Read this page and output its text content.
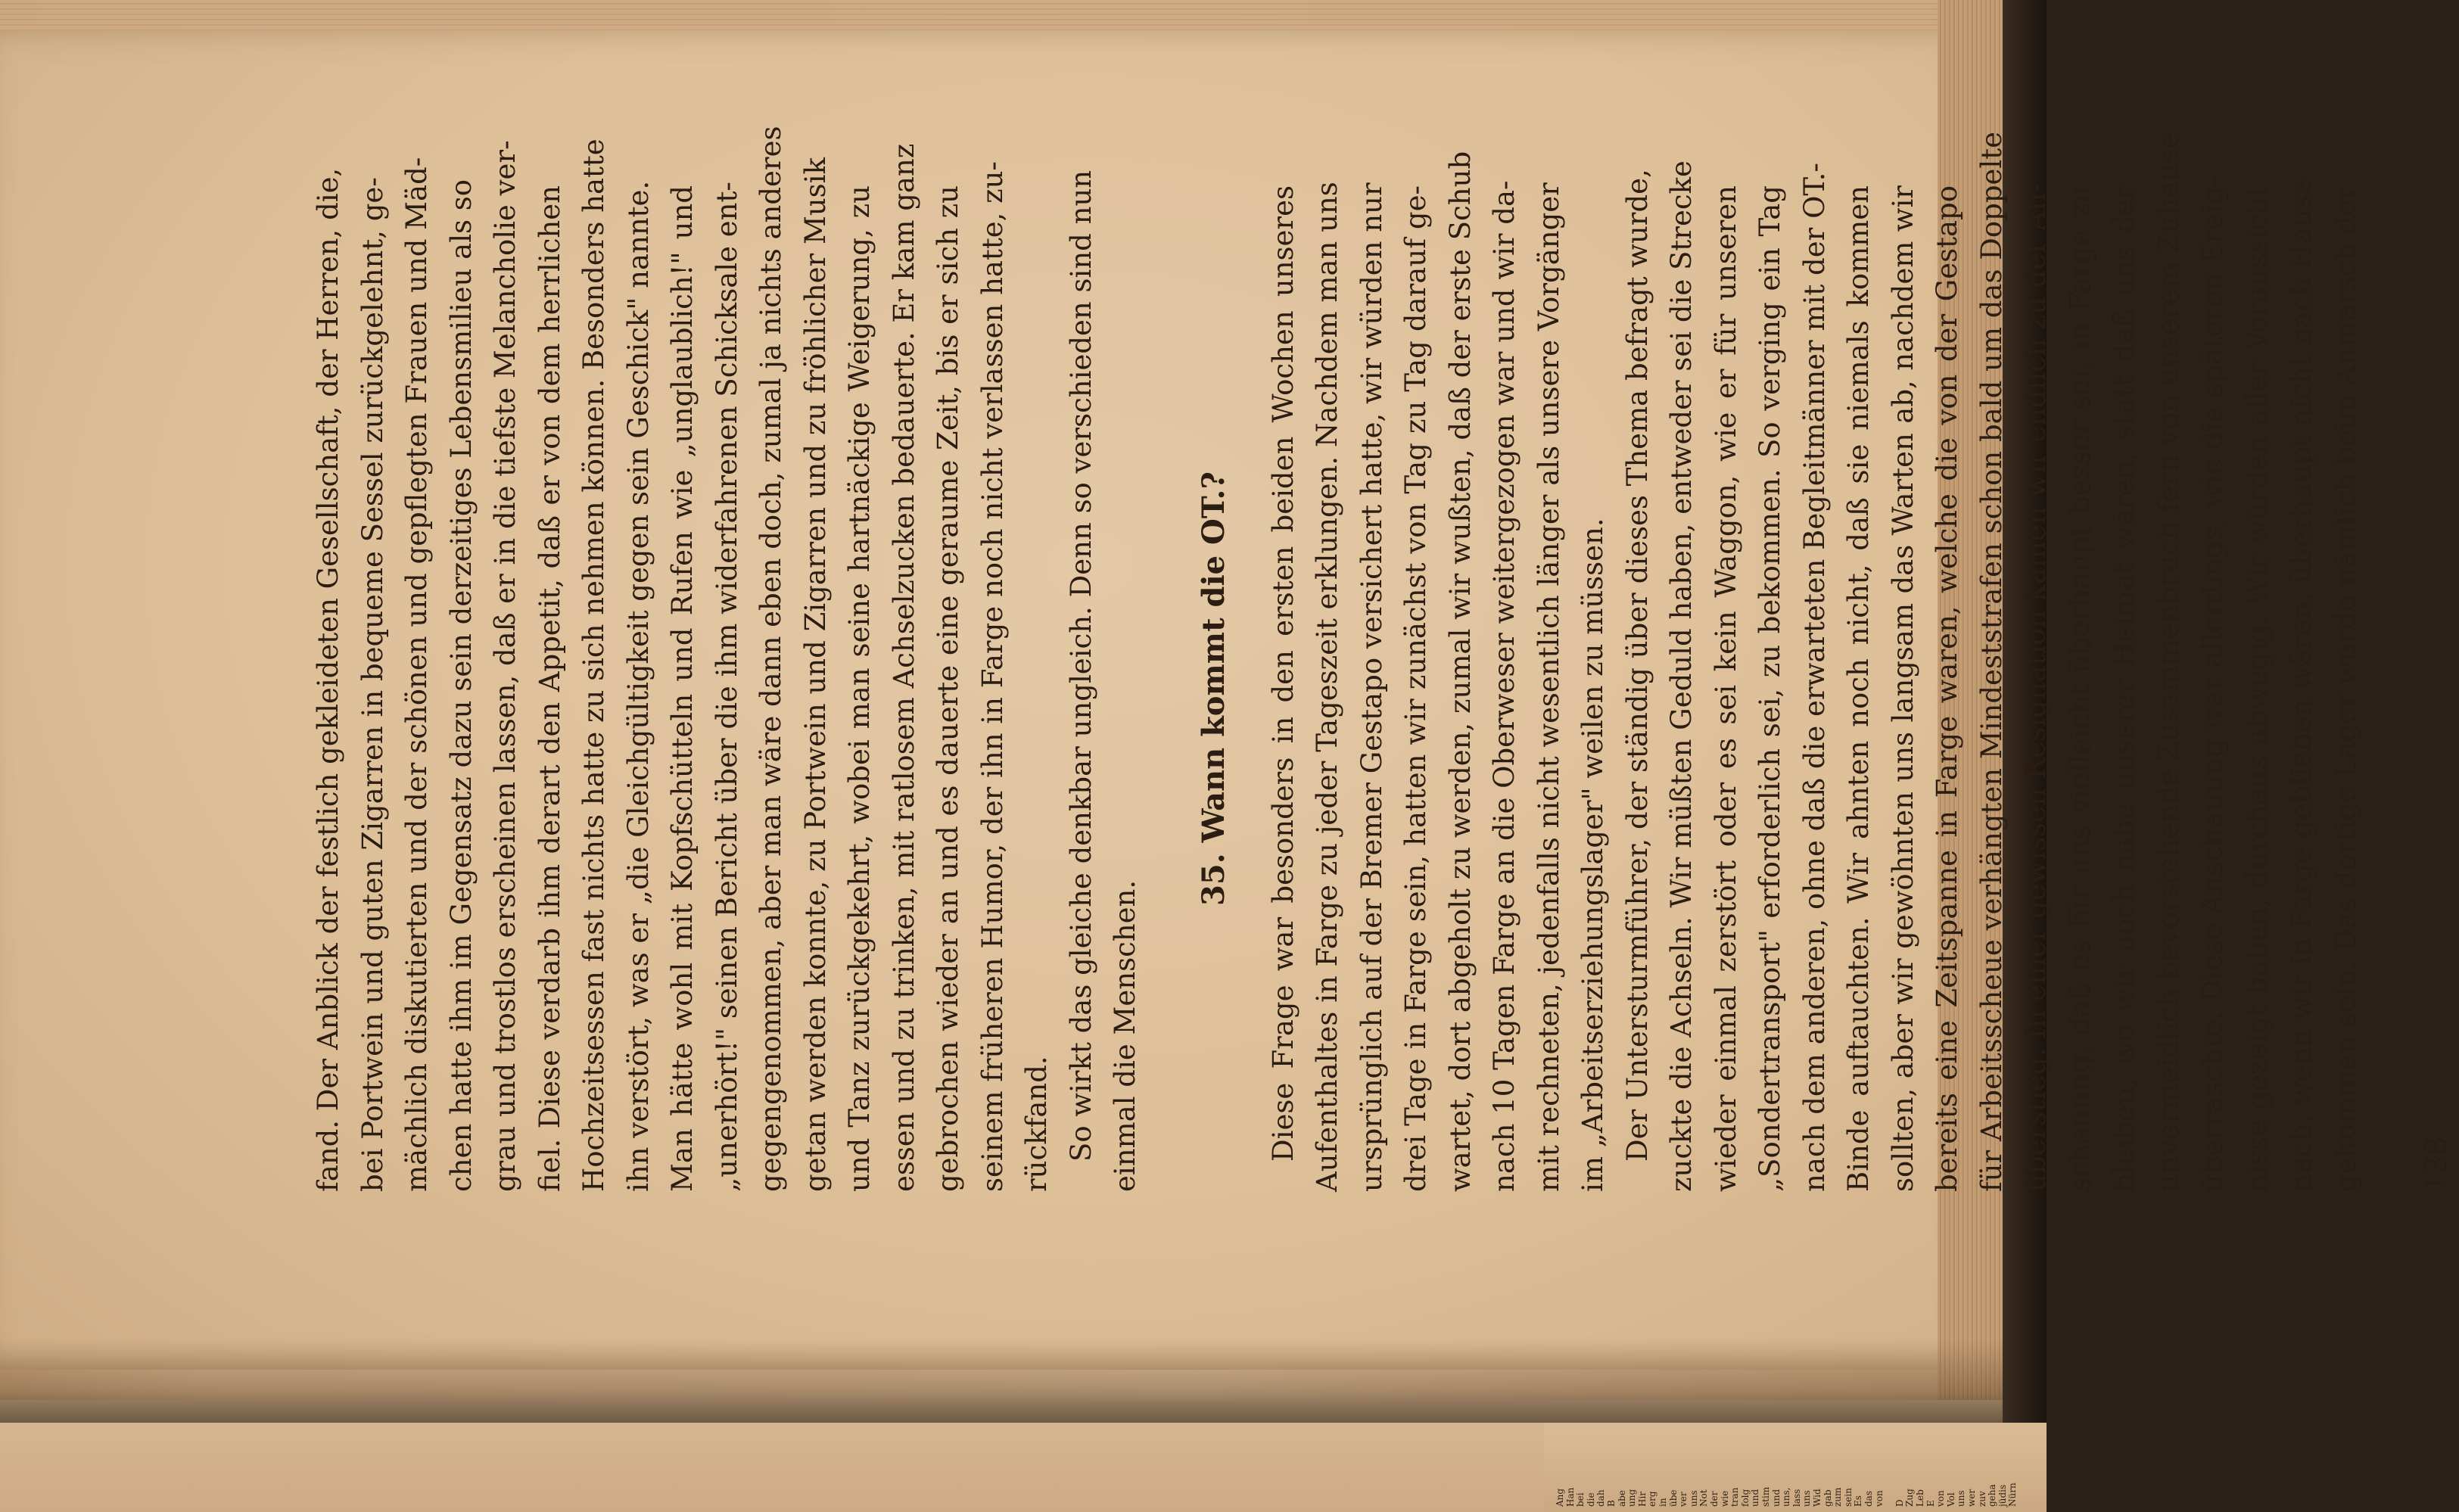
fand. Der Anblick der festlich gekleideten Gesellschaft, der Herren, die, bei Portwein und guten Zigarren in bequeme Sessel zurückgelehnt, ge- mächlich diskutierten und der schönen und gepflegten Frauen und Mäd- chen hatte ihm im Gegensatz dazu sein derzeitiges Lebensmilieu als so grau und trostlos erscheinen lassen, daß er in die tiefste Melancholie ver- fiel. Diese verdarb ihm derart den Appetit, daß er von dem herrlichen Hochzeitsessen fast nichts hatte zu sich nehmen können. Besonders hatte ihn verstört, was er „die Gleichgültigkeit gegen sein Geschick" nannte. Man hätte wohl mit Kopfschütteln und Rufen wie „unglaublich!" und „unerhört!" seinen Bericht über die ihm widerfahrenen Schicksale ent- gegengenommen, aber man wäre dann eben doch, zumal ja nichts anderes getan werden konnte, zu Portwein und Zigarren und zu fröhlicher Musik und Tanz zurückgekehrt, wobei man seine hartnäckige Weigerung, zu essen und zu trinken, mit ratlosem Achselzucken bedauerte. Er kam ganz gebrochen wieder an und es dauerte eine geraume Zeit, bis er sich zu seinem früheren Humor, der ihn in Farge noch nicht verlassen hatte, zu- rückfand. So wirkt das gleiche denkbar ungleich. Denn so verschieden sind nun einmal die Menschen.
35. Wann kommt die OT.?	Diese Frage war besonders in den ersten beiden Wochen unseres Aufenthaltes in Farge zu jeder Tageszeit erklungen. Nachdem man uns ursprünglich auf der Bremer Gestapo versichert hatte, wir würden nur drei Tage in Farge sein, hatten wir zunächst von Tag zu Tag darauf ge- wartet, dort abgeholt zu werden, zumal wir wußten, daß der erste Schub nach 10 Tagen Farge an die Oberweser weitergezogen war und wir da- mit rechneten, jedenfalls nicht wesentlich länger als unsere Vorgänger im „Arbeitserziehungslager" weilen zu müssen. Der Untersturmführer, der ständig über dieses Thema befragt wurde, zuckte die Achseln. Wir müßten Geduld haben, entweder sei die Strecke wieder einmal zerstört oder es sei kein Waggon, wie er für unseren „Sondertransport" erforderlich sei, zu bekommen. So verging ein Tag nach dem anderen, ohne daß die erwarteten Begleitmänner mit der OT.- Binde auftauchten. Wir ahnten noch nicht, daß sie niemals kommen sollten, aber wir gewöhnten uns langsam das Warten ab, nachdem wir bereits eine Zeitspanne in Farge waren, welche die von der Gestapo für Arbeitsscheue verhängten Mindeststrafen schon bald um das Doppelte überstieg. In einer gewissen Resignation kamen wir endlich zu der An- schauung, daß es für uns vielleicht überhaupt besser sei, in Farge zu bleiben, wo wir noch nahe unserer Heimat wären, statt daß uns der unvermeidlich bevorstehende Zusammenbruch fern von unserem Zuhause überraschte. Diese Anschauung war allerdings, wie die späteren Ereig- nisse gezeigt haben, durchaus abwegig. Wir würden aller Voraussicht nach, wenn wir in Farge geblieben wären, überhaupt nicht nach Hause gekommen sein. Das dortige Lager wurde nämlich beim Anmarsch der 138
Ang Han bei die dah B abe ung Hir erg in übe ver uns Not der wie tran folg und stim und uns, lass uns Wid gab zum sein Es das von D Zug Leb E von Vol uns wer zuv geha jüdis Nürn
